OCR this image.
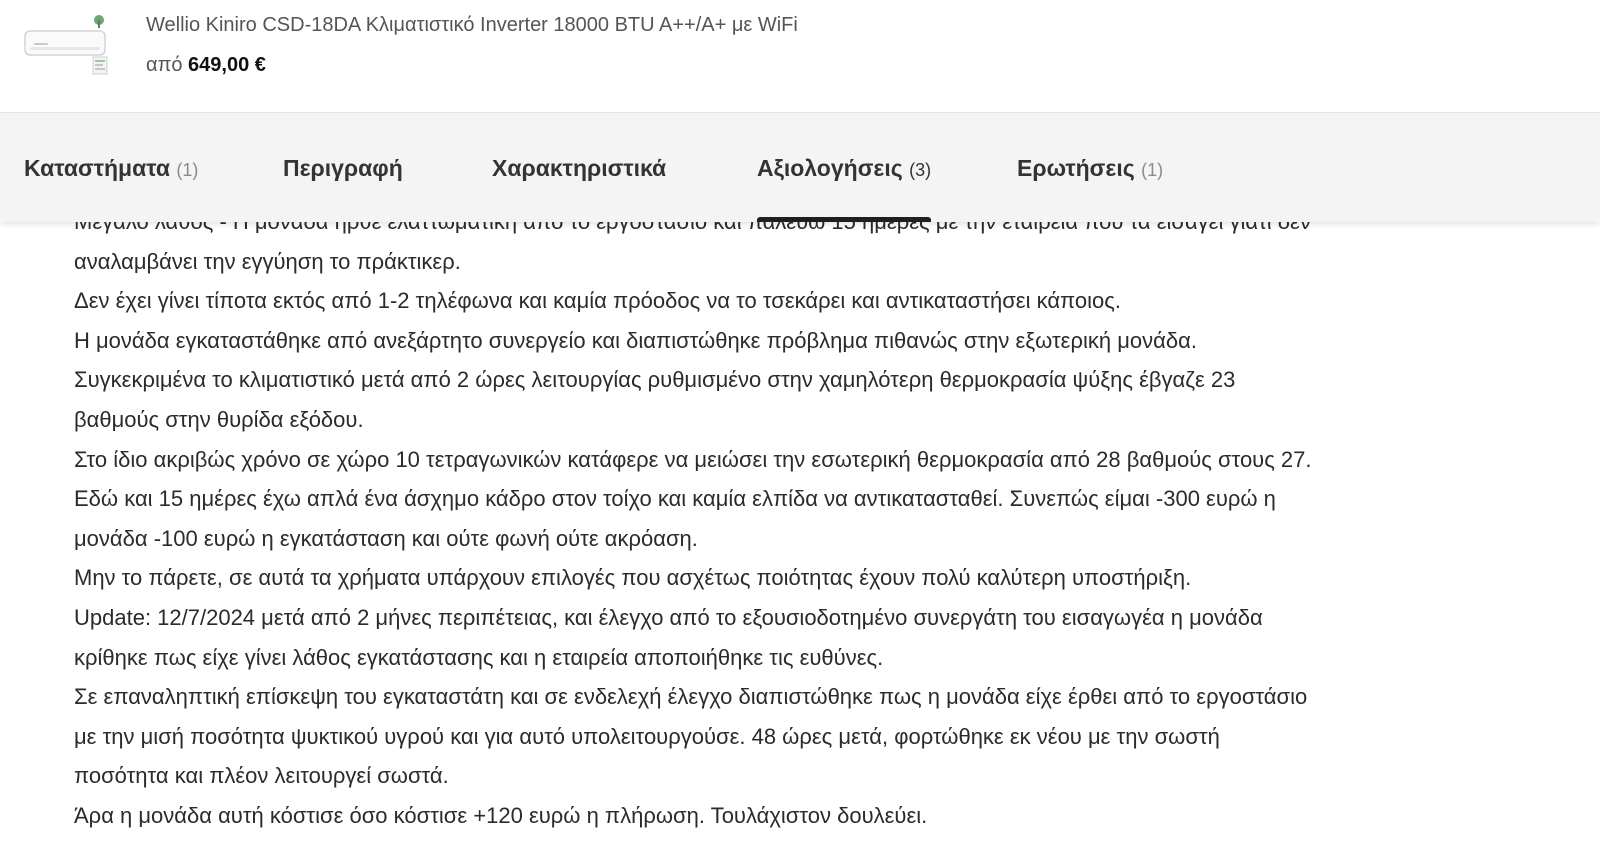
Wellio Kiniro CSD-18DA Κλιματιστικό Inverter 18000 BTU A++/A+ με WiFi
από 649,00 €
Καταστήματα (1)	Περιγραφή	Χαρακτηριστικά	Αξιολογήσεις (3)	Ερωτήσεις (1)

αναλαμβάνει την εγγύηση το πράκτικερ.

Δεν έχει γίνει τίποτα εκτός από 1-2 τηλέφωνα και καμία πρόοδος να το τσεκάρει και αντικαταστήσει κάποιος.

Η μονάδα εγκαταστάθηκε από ανεξάρτητο συνεργείο και διαπιστώθηκε πρόβλημα πιθανώς στην εξωτερική μονάδα.

Συγκεκριμένα το κλιματιστικό μετά από 2 ώρες λειτουργίας ρυθμισμένο στην χαμηλότερη θερμοκρασία ψύξης έβγαζε 23

βαθμούς στην θυρίδα εξόδου.

Στο ίδιο ακριβώς χρόνο σε χώρο 10 τετραγωνικών κατάφερε να μειώσει την εσωτερική θερμοκρασία από 28 βαθμούς στους 27.

Εδώ και 15 ημέρες έχω απλά ένα άσχημο κάδρο στον τοίχο και καμία ελπίδα να αντικατασταθεί. Συνεπώς είμαι -300 ευρώ η

μονάδα -100 ευρώ η εγκατάσταση και ούτε φωνή ούτε ακρόαση.

Μην το πάρετε, σε αυτά τα χρήματα υπάρχουν επιλογές που ασχέτως ποιότητας έχουν πολύ καλύτερη υποστήριξη.

Update: 12/7/2024 μετά από 2 μήνες περιπέτειας, και έλεγχο από το εξουσιοδοτημένο συνεργάτη του εισαγωγέα η μονάδα

κρίθηκε πως είχε γίνει λάθος εγκατάστασης και η εταιρεία αποποιήθηκε τις ευθύνες.

Σε επαναληπτική επίσκεψη του εγκαταστάτη και σε ενδελεχή έλεγχο διαπιστώθηκε πως η μονάδα είχε έρθει από το εργοστάσιο

με την μισή ποσότητα ψυκτικού υγρού και για αυτό υπολειτουργούσε. 48 ώρες μετά, φορτώθηκε εκ νέου με την σωστή

ποσότητα και πλέον λειτουργεί σωστά.

Άρα η μονάδα αυτή κόστισε όσο κόστισε +120 ευρώ η πλήρωση. Τουλάχιστον δουλεύει.
